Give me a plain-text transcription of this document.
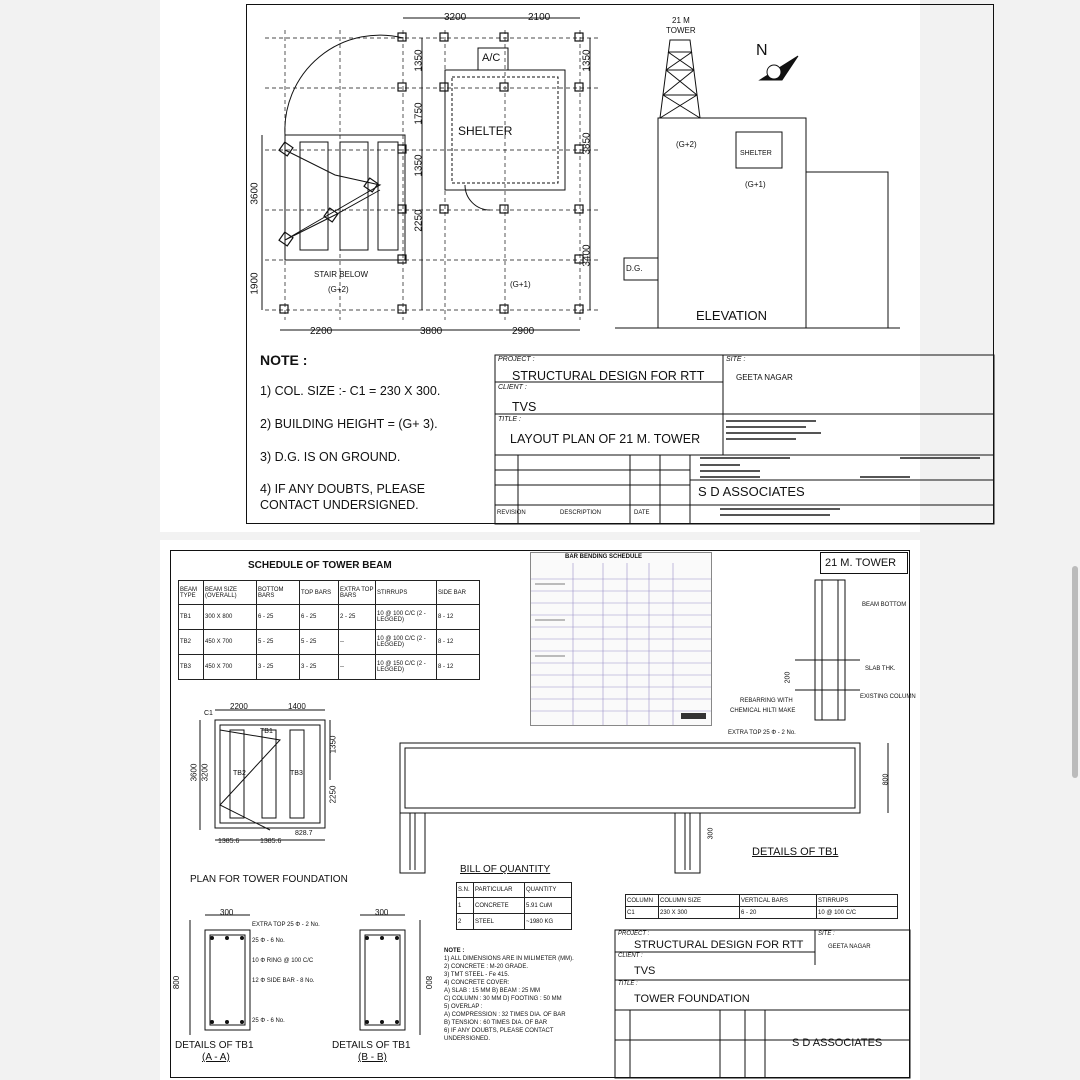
3200	2100
2200	3800	2900
3600
1900
1350
1750
1350
2250
1350
3850
3400
A/C
SHELTER
STAIR BELOW
(G+2)
(G+1)
21 M
TOWER
N
(G+2)
SHELTER
(G+1)
D.G.
ELEVATION
NOTE :
1) COL. SIZE :- C1 = 230 X 300.
2) BUILDING HEIGHT = (G+ 3).
3) D.G. IS ON GROUND.
4) IF ANY DOUBTS, PLEASE
CONTACT UNDERSIGNED.
PROJECT :
STRUCTURAL DESIGN FOR RTT
SITE :
GEETA NAGAR
CLIENT :
TVS
TITLE :
LAYOUT PLAN OF 21 M. TOWER
S D ASSOCIATES
REVISION	DESCRIPTION	DATE
SCHEDULE OF TOWER BEAM
BEAM TYPE	BEAM SIZE (OVERALL)	BOTTOM BARS	TOP BARS	EXTRA TOP BARS	STIRRUPS	SIDE BAR
TB1	300 X 800	6 - 25	6 - 25	2 - 25	10 @ 100 C/C (2 - LEGGED)	8 - 12
TB2	450 X 700	5 - 25	5 - 25	--	10 @ 100 C/C (2 - LEGGED)	8 - 12
TB3	450 X 700	3 - 25	3 - 25	--	10 @ 150 C/C (2 - LEGGED)	8 - 12
BAR BENDING SCHEDULE	21 M. TOWER
2200	1400
1385.6	1385.6
828.7
3600 3200
1350
2250
C1
TB1
TB2	TB3
PLAN FOR TOWER FOUNDATION
300
800
EXTRA TOP 25 Φ - 2 No.
25 Φ - 6 No.
10 Φ RING @ 100 C/C
12 Φ SIDE BAR - 8 No.
25 Φ - 6 No.
DETAILS OF TB1
(A - A)
300
800
DETAILS OF TB1
(B - B)
BEAM BOTTOM
SLAB THK.
EXISTING COLUMN
REBARRING WITH
CHEMICAL HILTI MAKE
EXTRA TOP 25 Φ - 2 No.
200
300
800
DETAILS OF TB1
BILL OF QUANTITY
S.N.	PARTICULAR	QUANTITY
1	CONCRETE	5.91 CuM
2	STEEL	~1980 KG
COLUMN	COLUMN SIZE	VERTICAL BARS	STIRRUPS
C1	230 X 300	6 - 20	10 @ 100 C/C
NOTE :
1) ALL DIMENSIONS ARE IN MILIMETER (MM).
2) CONCRETE : M-20 GRADE.
3) TMT STEEL - Fe 415.
4) CONCRETE COVER:
A) SLAB : 15 MM B) BEAM : 25 MM
C) COLUMN : 30 MM D) FOOTING : 50 MM
5) OVERLAP :
A) COMPRESSION : 32 TIMES DIA. OF BAR
B) TENSION : 60 TIMES DIA. OF BAR
6) IF ANY DOUBTS, PLEASE CONTACT
UNDERSIGNED.
PROJECT :
STRUCTURAL DESIGN FOR RTT
SITE :
GEETA NAGAR
CLIENT :
TVS
TITLE :
TOWER FOUNDATION
S D ASSOCIATES
